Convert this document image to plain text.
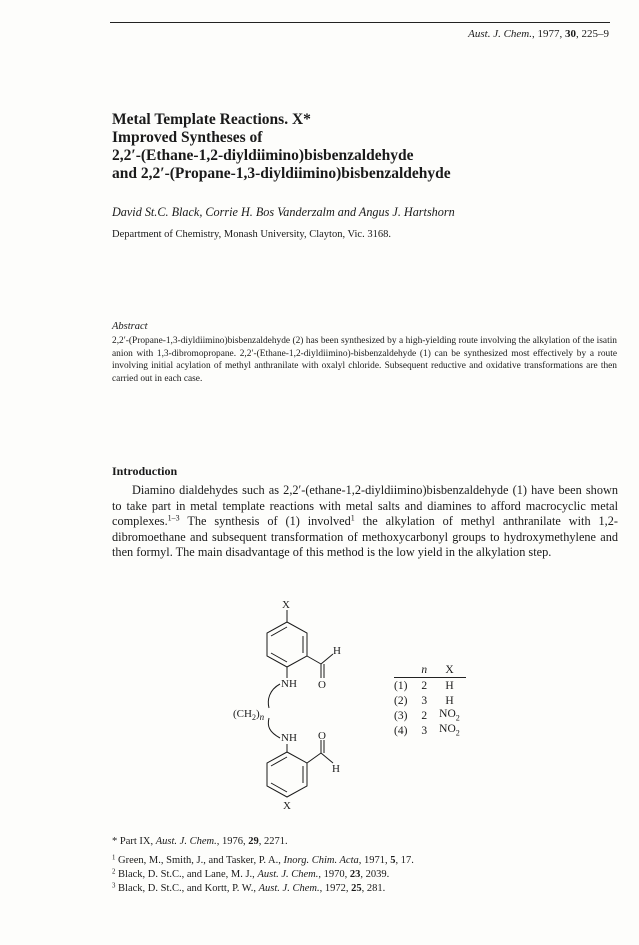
Aust. J. Chem., 1977, 30, 225–9
Metal Template Reactions. X*
Improved Syntheses of
2,2′-(Ethane-1,2-diyldiimino)bisbenzaldehyde
and 2,2′-(Propane-1,3-diyldiimino)bisbenzaldehyde
David St.C. Black, Corrie H. Bos Vanderzalm and Angus J. Hartshorn
Department of Chemistry, Monash University, Clayton, Vic. 3168.
Abstract
2,2′-(Propane-1,3-diyldiimino)bisbenzaldehyde (2) has been synthesized by a high-yielding route involving the alkylation of the isatin anion with 1,3-dibromopropane. 2,2′-(Ethane-1,2-diyldiimino)-bisbenzaldehyde (1) can be synthesized most effectively by a route involving initial acylation of methyl anthranilate with oxalyl chloride. Subsequent reductive and oxidative transformations are then carried out in each case.
Introduction

Diamino dialdehydes such as 2,2′-(ethane-1,2-diyldiimino)bisbenzaldehyde (1) have been shown to take part in metal template reactions with metal salts and diamines to afford macrocyclic metal complexes.$^{1-3}$ The synthesis of (1) involved$^1$ the alkylation of methyl anthranilate with 1,2-dibromoethane and subsequent transformation of methoxycarbonyl groups to hydroxymethylene and then formyl. The main disadvantage of this method is the low yield in the alkylation step.

X
H
NH O
$(CH_2)_n$
NH O
H
X
	n	X
(1)	2	H
(2)	3	H
(3)	2	$NO_2$
(4)	3	$NO_2$
* Part IX, Aust. J. Chem., 1976, 29, 2271.
$^1$ Green, M., Smith, J., and Tasker, P. A., Inorg. Chim. Acta, 1971, 5, 17.
$^2$ Black, D. St.C., and Lane, M. J., Aust. J. Chem., 1970, 23, 2039.
$^3$ Black, D. St.C., and Kortt, P. W., Aust. J. Chem., 1972, 25, 281.
